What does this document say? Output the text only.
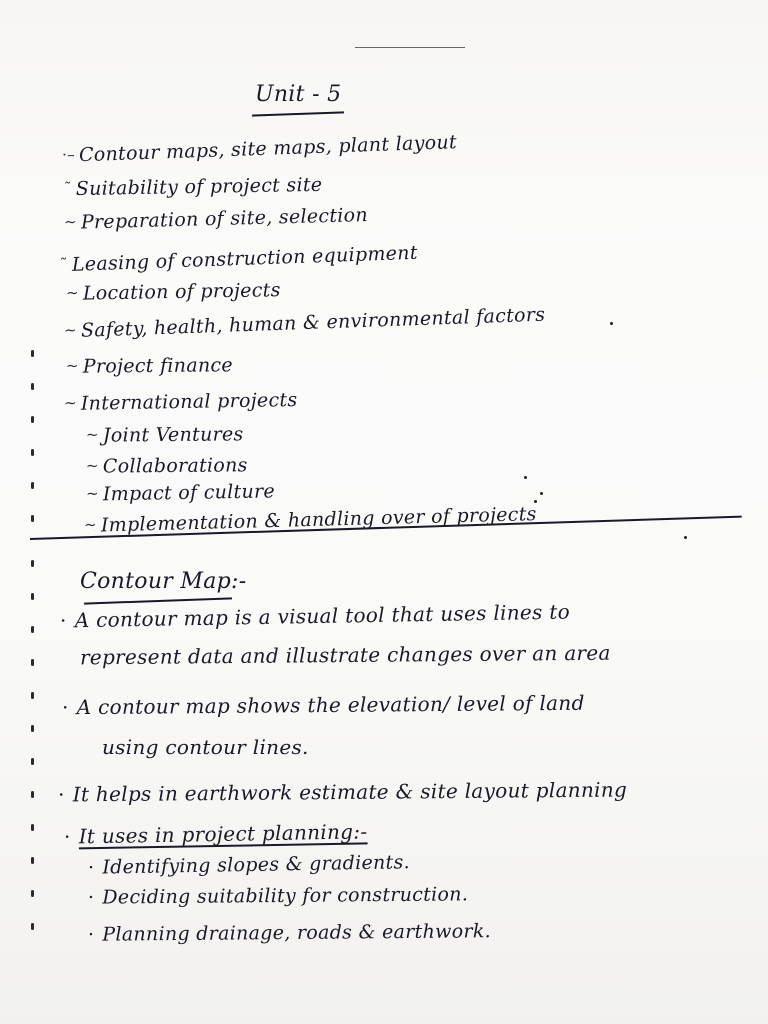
Unit - 5
·– Contour maps, site maps, plant layout
˜ Suitability of project site
~ Preparation of site, selection
˜ Leasing of construction equipment
~ Location of projects
~ Safety, health, human & environmental factors
~ Project finance
~ International projects
~ Joint Ventures
~ Collaborations
~ Impact of culture
~ Implementation & handling over of projects
Contour Map:-
· A contour map is a visual tool that uses lines to
represent data and illustrate changes over an area
· A contour map shows the elevation/ level of land
using contour lines.
· It helps in earthwork estimate & site layout planning
· It uses in project planning:-
· Identifying slopes & gradients.
· Deciding suitability for construction.
· Planning drainage, roads & earthwork.
